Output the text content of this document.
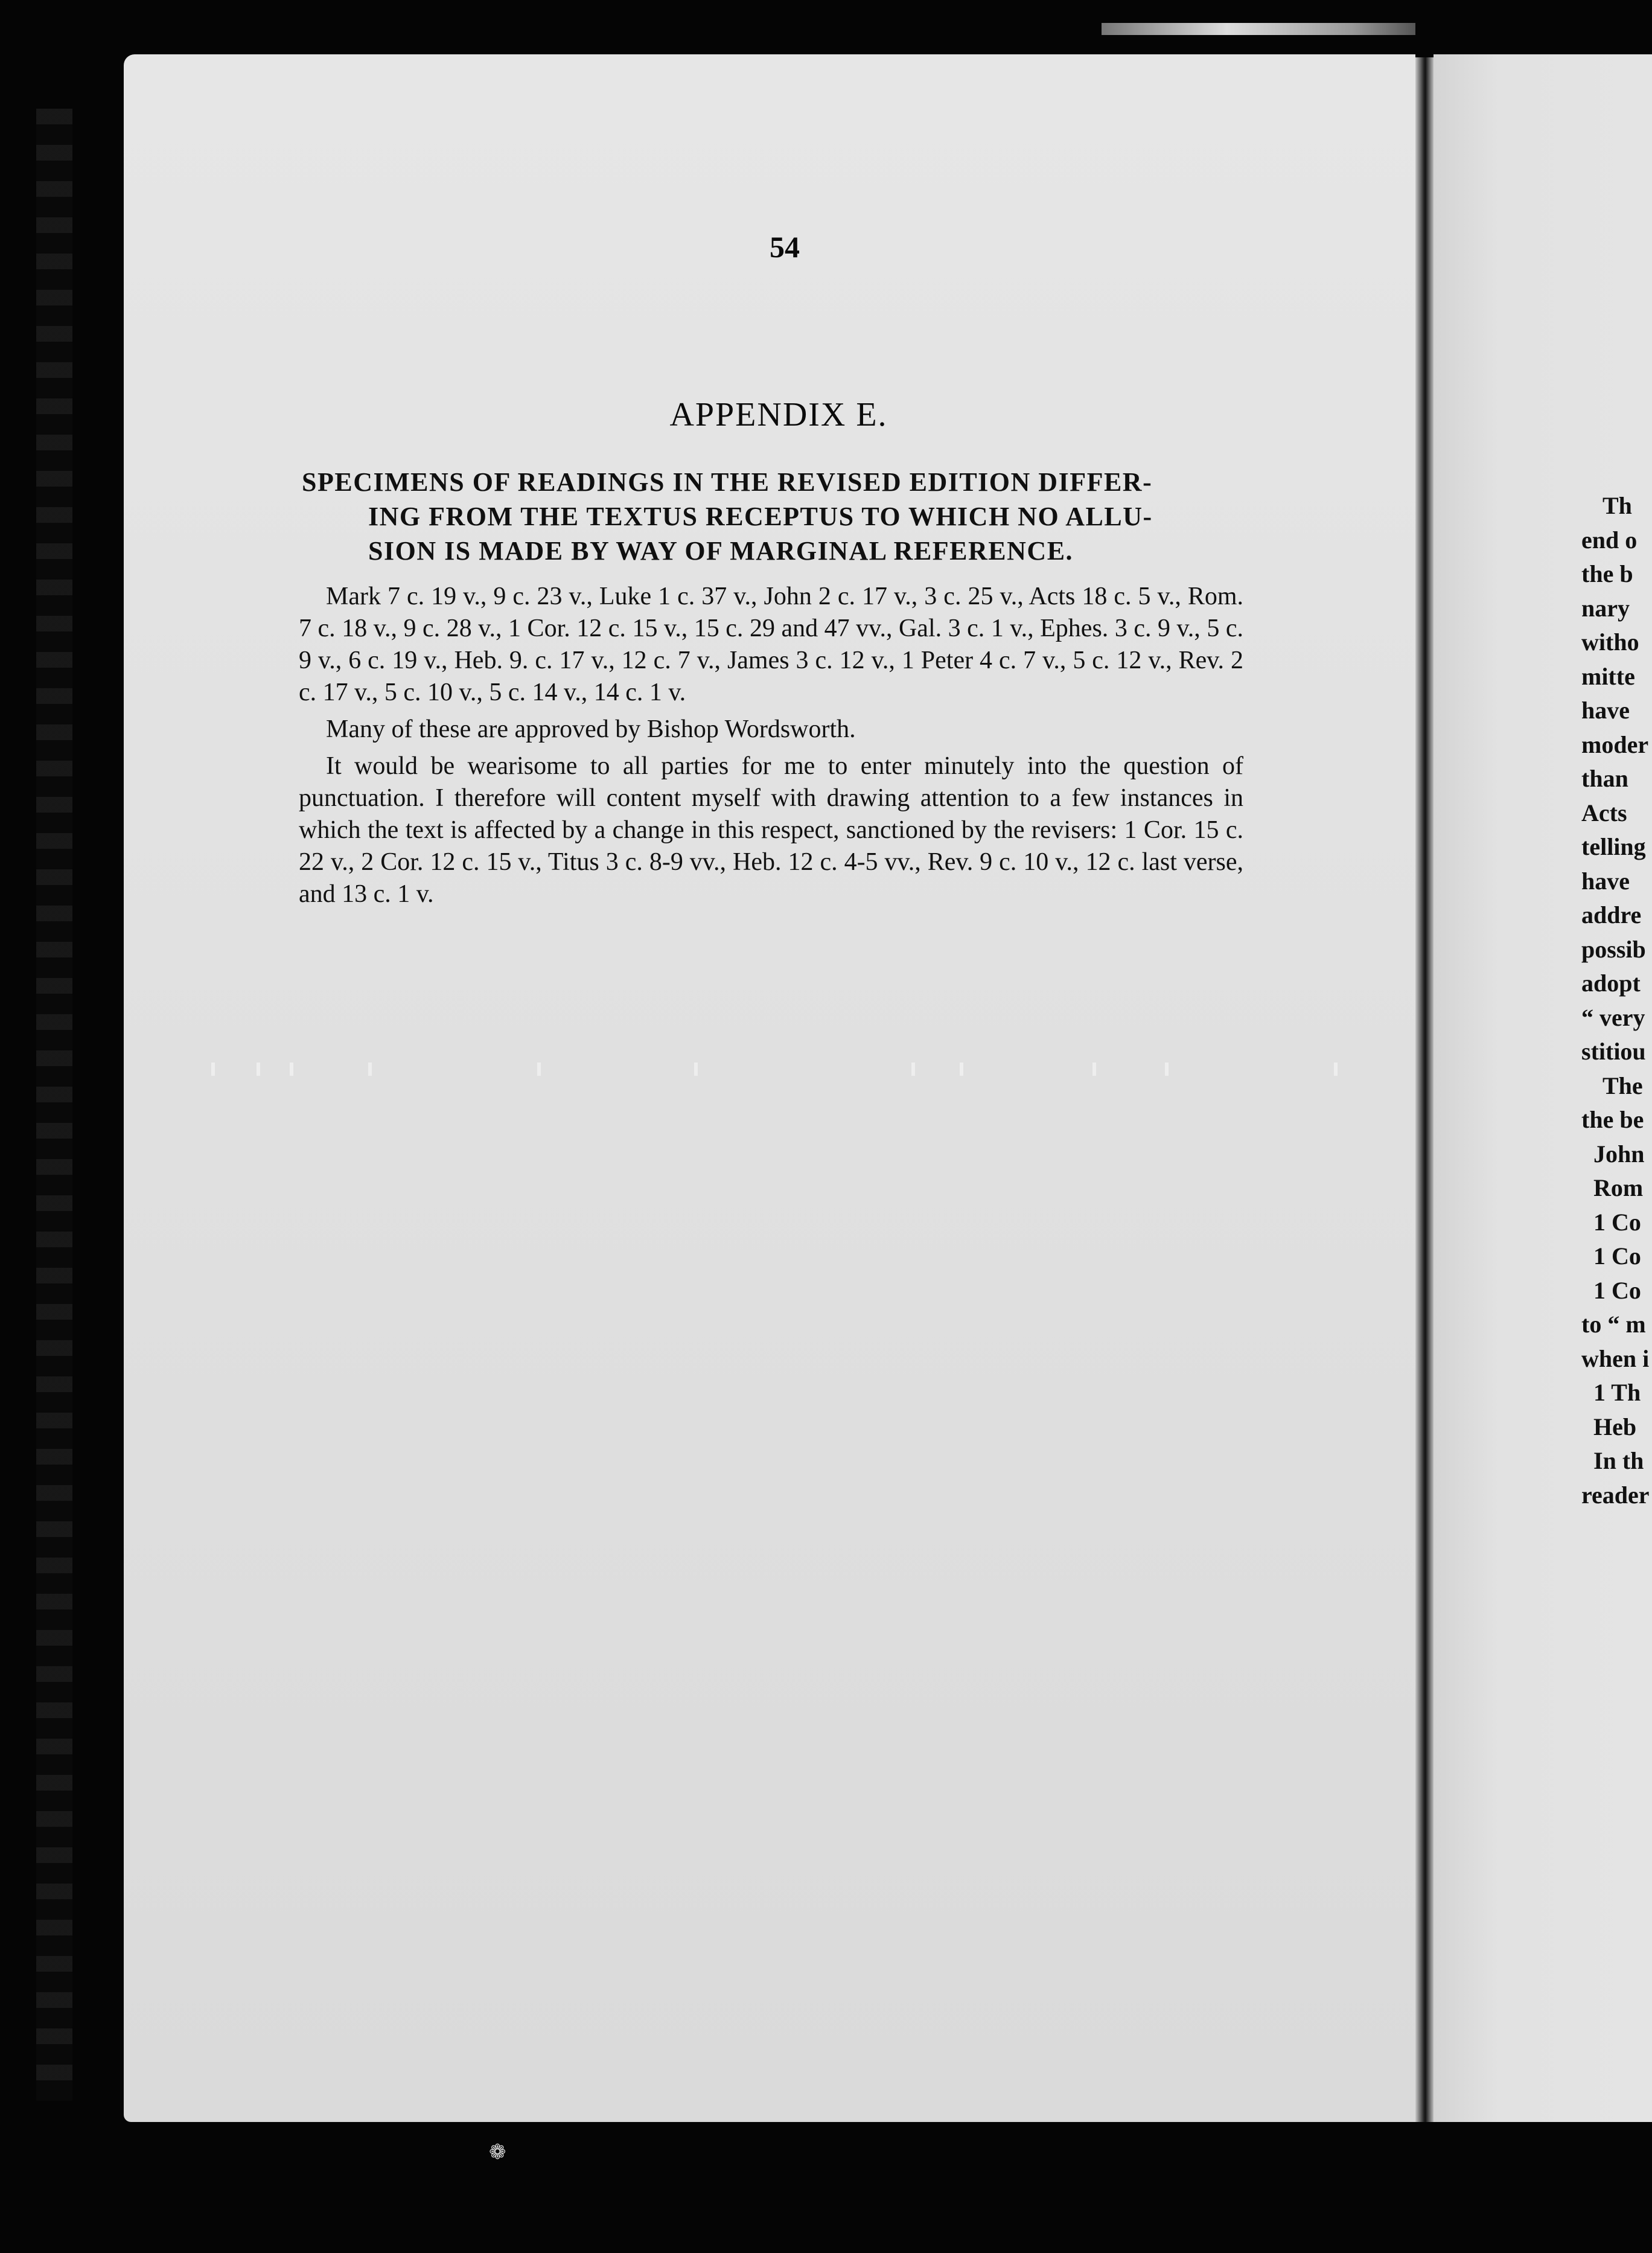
54
APPENDIX E.
SPECIMENS OF READINGS IN THE REVISED EDITION DIFFER-
ING FROM THE TEXTUS RECEPTUS TO WHICH NO ALLU-
SION IS MADE BY WAY OF MARGINAL REFERENCE.

Mark 7 c. 19 v., 9 c. 23 v., Luke 1 c. 37 v., John 2 c. 17 v., 3 c. 25 v., Acts 18 c. 5 v., Rom. 7 c. 18 v., 9 c. 28 v., 1 Cor. 12 c. 15 v., 15 c. 29 and 47 vv., Gal. 3 c. 1 v., Ephes. 3 c. 9 v., 5 c. 9 v., 6 c. 19 v., Heb. 9. c. 17 v., 12 c. 7 v., James 3 c. 12 v., 1 Peter 4 c. 7 v., 5 c. 12 v., Rev. 2 c. 17 v., 5 c. 10 v., 5 c. 14 v., 14 c. 1 v.

Many of these are approved by Bishop Wordsworth.

It would be wearisome to all parties for me to enter minutely into the question of punctuation. I therefore will content myself with drawing attention to a few instances in which the text is affected by a change in this respect, sanctioned by the revisers: 1 Cor. 15 c. 22 v., 2 Cor. 12 c. 15 v., Titus 3 c. 8-9 vv., Heb. 12 c. 4-5 vv., Rev. 9 c. 10 v., 12 c. last verse, and 13 c. 1 v.

Th
end o
the b
nary
witho
mitte
have
moder
than
Acts
telling
have
addre
possib
adopt
“ very
stitiou
The
the be
John
Rom
1 Co
1 Co
1 Co
to “ m
when i
1 Th
Heb
In th
reader
❁
